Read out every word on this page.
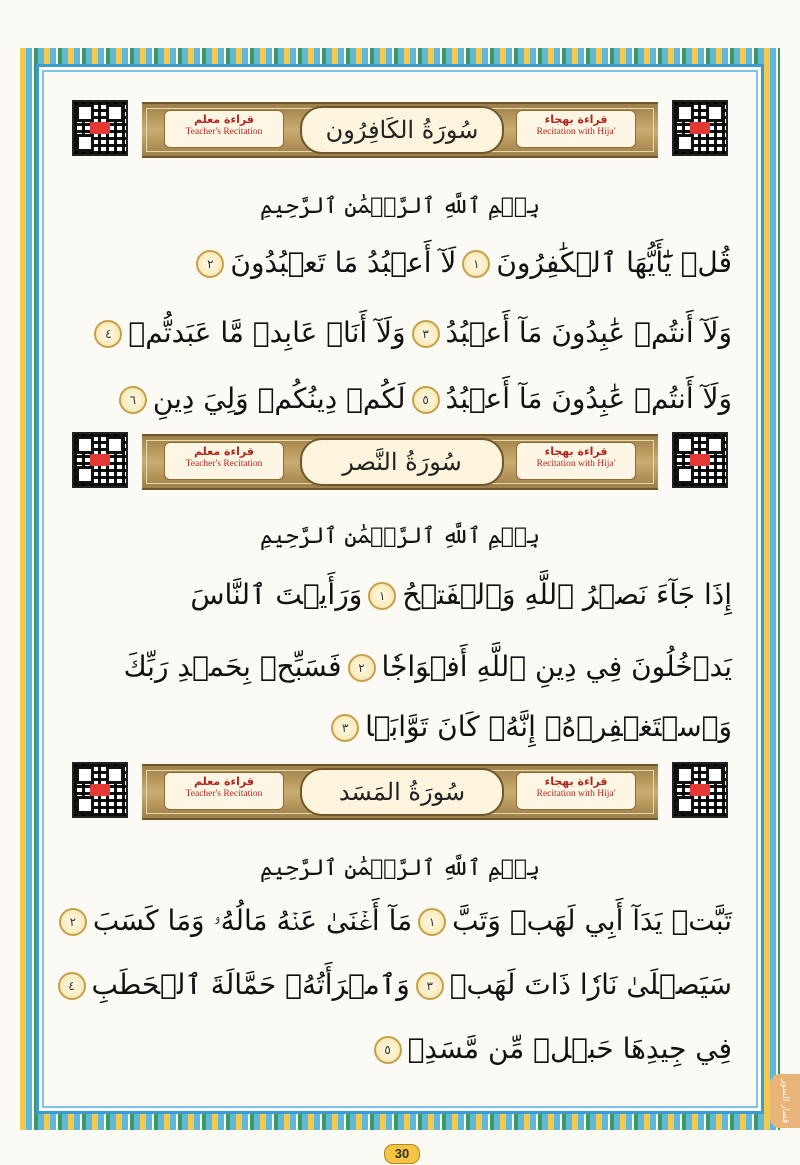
قراءة معلم
Teacher's Recitation	سُورَةُ الكَافِرُون	قراءة بهجاء
Recitation with Hija'
بِسۡمِ ٱللَّهِ ٱلرَّحۡمَٰنِ ٱلرَّحِيمِ
قُلۡ يَٰٓأَيُّهَا ٱلۡكَٰفِرُونَ١لَآ أَعۡبُدُ مَا تَعۡبُدُونَ٢
وَلَآ أَنتُمۡ عَٰبِدُونَ مَآ أَعۡبُدُ٣وَلَآ أَنَا۠ عَابِدٞ مَّا عَبَدتُّمۡ٤
وَلَآ أَنتُمۡ عَٰبِدُونَ مَآ أَعۡبُدُ٥لَكُمۡ دِينُكُمۡ وَلِيَ دِينِ٦
قراءة معلم
Teacher's Recitation	سُورَةُ النَّصر	قراءة بهجاء
Recitation with Hija'
بِسۡمِ ٱللَّهِ ٱلرَّحۡمَٰنِ ٱلرَّحِيمِ
إِذَا جَآءَ نَصۡرُ ٱللَّهِ وَٱلۡفَتۡحُ١وَرَأَيۡتَ ٱلنَّاسَ
يَدۡخُلُونَ فِي دِينِ ٱللَّهِ أَفۡوَاجٗا٢فَسَبِّحۡ بِحَمۡدِ رَبِّكَ
وَٱسۡتَغۡفِرۡهُۚ إِنَّهُۥ كَانَ تَوَّابَۢا٣
قراءة معلم
Teacher's Recitation	سُورَةُ المَسَد	قراءة بهجاء
Recitation with Hija'
بِسۡمِ ٱللَّهِ ٱلرَّحۡمَٰنِ ٱلرَّحِيمِ
تَبَّتۡ يَدَآ أَبِي لَهَبٖ وَتَبَّ١مَآ أَغۡنَىٰ عَنۡهُ مَالُهُۥ وَمَا كَسَبَ٢
سَيَصۡلَىٰ نَارٗا ذَاتَ لَهَبٖ٣وَٱمۡرَأَتُهُۥ حَمَّالَةَ ٱلۡحَطَبِ٤
فِي جِيدِهَا حَبۡلٞ مِّن مَّسَدِۭ٥
قصار السور
30
